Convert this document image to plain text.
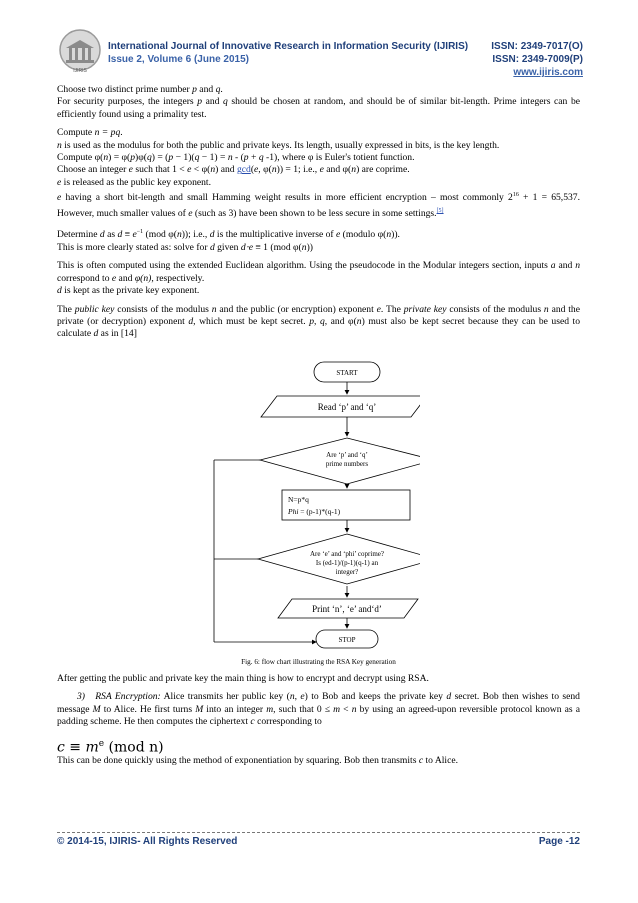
IJIRIS
International Journal of Innovative Research in Information Security (IJIRIS)
Issue 2, Volume 6 (June 2015)
ISSN: 2349-7017(O)
ISSN: 2349-7009(P)
www.ijiris.com

Choose two distinct prime number p and q.
For security purposes, the integers p and q should be chosen at random, and should be of similar bit-length. Prime integers can be efficiently found using a primality test.

Compute n = pq.
n is used as the modulus for both the public and private keys. Its length, usually expressed in bits, is the key length.
Compute φ(n) = φ(p)φ(q) = (p − 1)(q − 1) = n - (p + q -1), where φ is Euler's totient function.
Choose an integer e such that 1 < e < φ(n) and gcd(e, φ(n)) = 1; i.e., e and φ(n) are coprime.
e is released as the public key exponent.
e having a short bit-length and small Hamming weight results in more efficient encryption – most commonly $2^{16} + 1 = 65,537$. However, much smaller values of e (such as 3) have been shown to be less secure in some settings.[5]

Determine d as $d \equiv e^{-1}$ (mod φ(n)); i.e., d is the multiplicative inverse of e (modulo φ(n)).
This is more clearly stated as: solve for d given d⋅e ≡ 1 (mod φ(n))

This is often computed using the extended Euclidean algorithm. Using the pseudocode in the Modular integers section, inputs a and n correspond to e and φ(n), respectively.
d is kept as the private key exponent.

The public key consists of the modulus n and the public (or encryption) exponent e. The private key consists of the modulus n and the private (or decryption) exponent d, which must be kept secret. p, q, and φ(n) must also be kept secret because they can be used to calculate d as in [14]

START
Read ‘p’ and ‘q’
Are ‘p’ and ‘q’
prime numbers
N=p*q
Phi = (p-1)*(q-1)
Are ‘e’ and ‘phi’ coprime?
Is (ed-1)/(p-1)(q-1) an
integer?
Print ‘n’, ‘e’ and‘d’
STOP
Fig. 6: flow chart illustrating the RSA Key generation

After getting the public and private key the main thing is how to encrypt and decrypt using RSA.

3) RSA Encryption: Alice transmits her public key (n, e) to Bob and keeps the private key d secret. Bob then wishes to send message M to Alice. He first turns M into an integer m, such that 0 ≤ m < n by using an agreed-upon reversible protocol known as a padding scheme. He then computes the ciphertext c corresponding to

$c \equiv m^e$ (mod n)

This can be done quickly using the method of exponentiation by squaring. Bob then transmits c to Alice.

© 2014-15, IJIRIS- All Rights Reserved	Page -12
